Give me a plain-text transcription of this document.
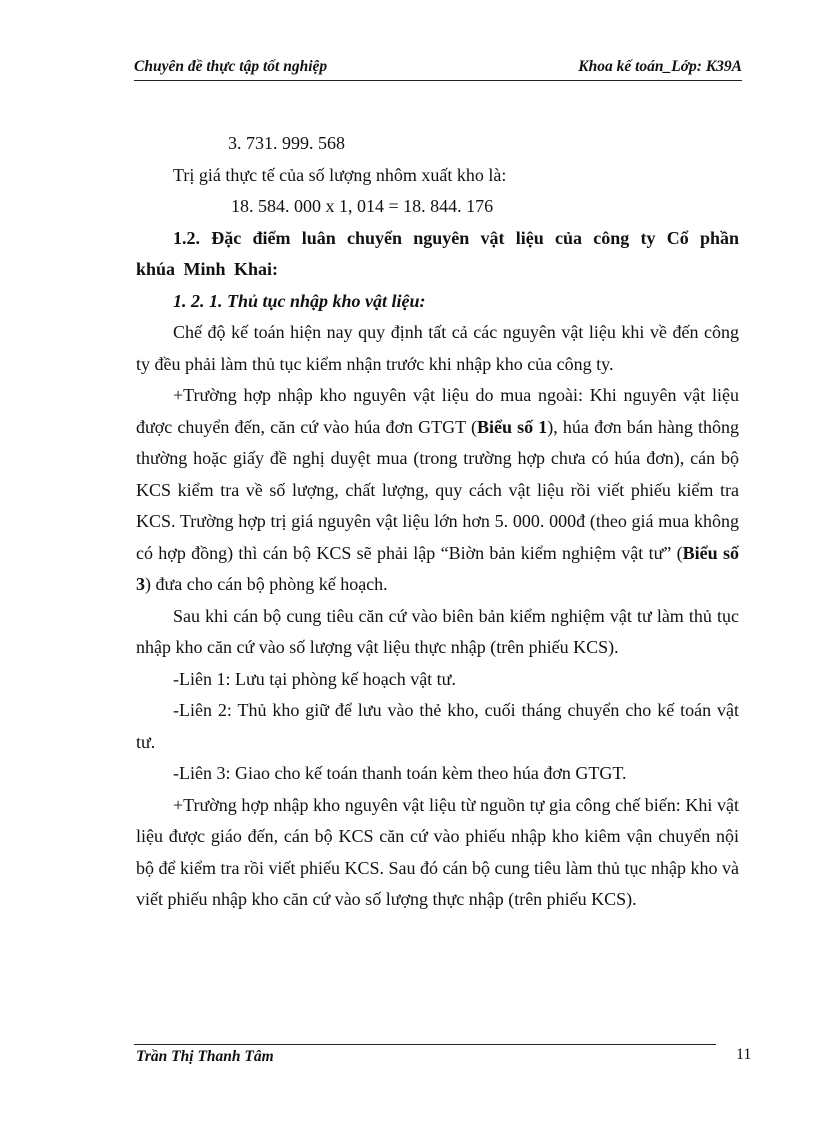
Chuyên đề thực tập tốt nghiệp	Khoa kế toán_Lớp: K39A

3. 731. 999. 568

Trị giá thực tế của số lượng nhôm xuất kho là:

18. 584. 000 x 1, 014 = 18. 844. 176

1.2. Đặc điểm luân chuyển nguyên vật liệu của công ty Cổ phần khúa Minh Khai:

1. 2. 1. Thủ tục nhập kho vật liệu:

Chế độ kế toán hiện nay quy định tất cả các nguyên vật liệu khi về đến công ty đều phải làm thủ tục kiểm nhận trước khi nhập kho của công ty.

+Trường hợp nhập kho nguyên vật liệu do mua ngoài: Khi nguyên vật liệu được chuyển đến, căn cứ vào húa đơn GTGT (Biểu số 1), húa đơn bán hàng thông thường hoặc giấy đề nghị duyệt mua (trong trường hợp chưa có húa đơn), cán bộ KCS kiểm tra về số lượng, chất lượng, quy cách vật liệu rồi viết phiếu kiểm tra KCS. Trường hợp trị giá nguyên vật liệu lớn hơn 5. 000. 000đ (theo giá mua không có hợp đồng) thì cán bộ KCS sẽ phải lập “Biờn bản kiểm nghiệm vật tư” (Biểu số 3) đưa cho cán bộ phòng kế hoạch.

Sau khi cán bộ cung tiêu căn cứ vào biên bản kiểm nghiệm vật tư làm thủ tục nhập kho căn cứ vào số lượng vật liệu thực nhập (trên phiếu KCS).

-Liên 1: Lưu tại phòng kế hoạch vật tư.

-Liên 2: Thủ kho giữ để lưu vào thẻ kho, cuối tháng chuyển cho kế toán vật tư.

-Liên 3: Giao cho kế toán thanh toán kèm theo húa đơn GTGT.

+Trường hợp nhập kho nguyên vật liệu từ nguồn tự gia công chế biến: Khi vật liệu được giáo đến, cán bộ KCS căn cứ vào phiếu nhập kho kiêm vận chuyển nội bộ để kiểm tra rồi viết phiếu KCS. Sau đó cán bộ cung tiêu làm thủ tục nhập kho và viết phiếu nhập kho căn cứ vào số lượng thực nhập (trên phiếu KCS).

Trần Thị Thanh Tâm	11
